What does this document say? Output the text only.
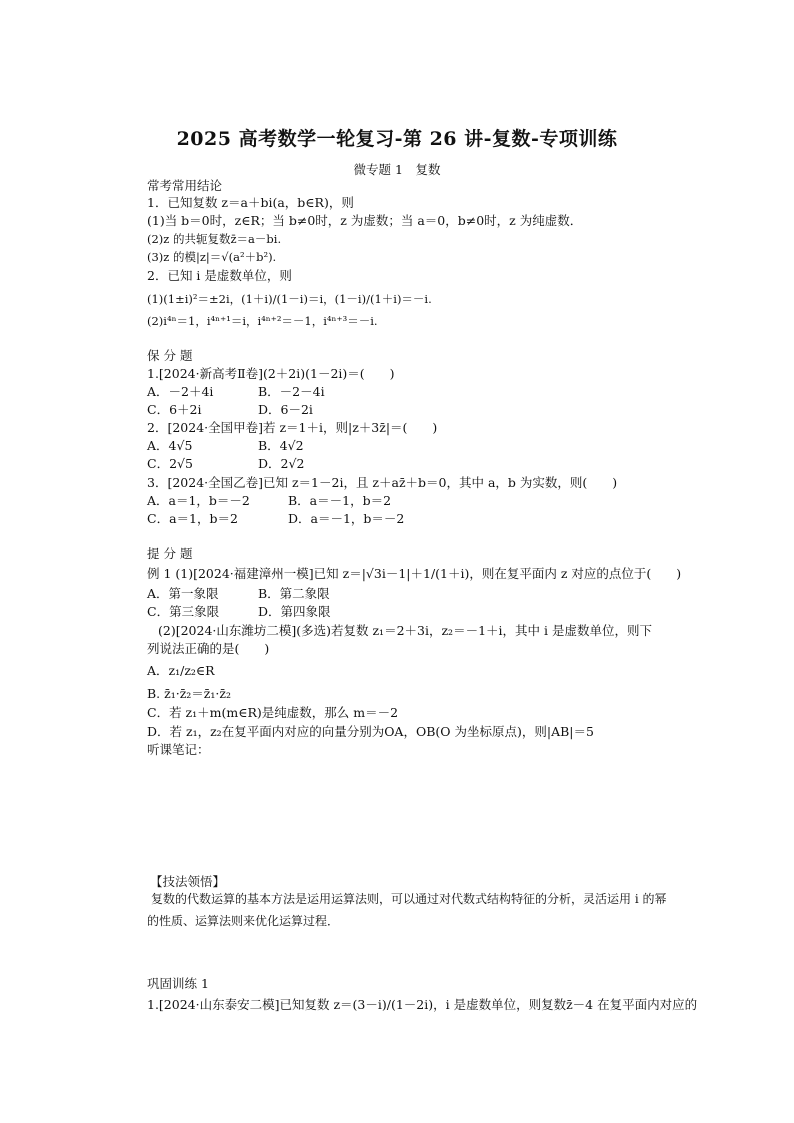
2025 高考数学一轮复习-第 26 讲-复数-专项训练
微专题 1　复数
常考常用结论
1．已知复数 z＝a＋bi(a，b∈R)，则
(1)当 b＝0时，z∈R；当 b≠0时，z 为虚数；当 a＝0，b≠0时，z 为纯虚数．
(2)z 的共轭复数z̄＝a－bi.
(3)z 的模|z|＝√(a²＋b²).
2．已知 i 是虚数单位，则
(1)(1±i)²＝±2i，(1＋i)/(1－i)＝i，(1－i)/(1＋i)＝－i.
(2)i⁴ⁿ＝1，i⁴ⁿ⁺¹＝i，i⁴ⁿ⁺²＝－1，i⁴ⁿ⁺³＝－i.
保 分 题
1.[2024·新高考Ⅱ卷](2＋2i)(1－2i)＝(　　)
A．－2＋4i	B．－2－4i
C．6＋2i	D．6－2i
2．[2024·全国甲卷]若 z＝1＋i，则|z＋3z̄|＝(　　)
A．4√5	B．4√2
C．2√5	D．2√2
3．[2024·全国乙卷]已知 z＝1－2i，且 z＋az̄＋b＝0，其中 a，b 为实数，则(　　)
A．a＝1，b＝－2	B．a＝－1，b＝2
C．a＝1，b＝2	D．a＝－1，b＝－2
提 分 题
例 1 (1)[2024·福建漳州一模]已知 z＝|√3i－1|＋1/(1＋i)，则在复平面内 z 对应的点位于(　　)
A．第一象限	B．第二象限
C．第三象限	D．第四象限
(2)[2024·山东潍坊二模](多选)若复数 z₁＝2＋3i，z₂＝－1＋i，其中 i 是虚数单位，则下
列说法正确的是(　　)
A．z₁/z₂∈R
B. z̄₁·z̄₂＝z̄₁·z̄₂
C．若 z₁＋m(m∈R)是纯虚数，那么 m＝－2
D．若 z₁，z₂在复平面内对应的向量分别为OA，OB(O 为坐标原点)，则|AB|＝5
听课笔记：
【技法领悟】
复数的代数运算的基本方法是运用运算法则，可以通过对代数式结构特征的分析，灵活运用 i 的幂的性质、运算法则来优化运算过程．
巩固训练 1
1.[2024·山东泰安二模]已知复数 z＝(3－i)/(1－2i)，i 是虚数单位，则复数z̄－4 在复平面内对应的
